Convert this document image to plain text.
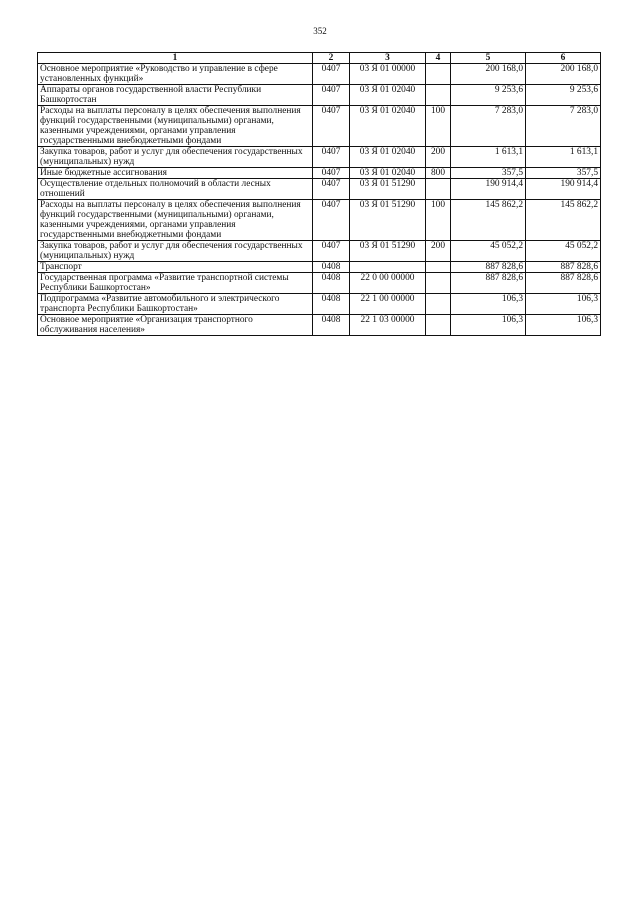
352
1	2	3	4	5	6
Основное мероприятие «Руководство и управление в сфере установленных функций»	0407	03 Я 01 00000		200 168,0	200 168,0
Аппараты органов государственной власти Республики Башкортостан	0407	03 Я 01 02040		9 253,6	9 253,6
Расходы на выплаты персоналу в целях обеспечения выполнения функций государственными (муниципальными) органами, казенными учреждениями, органами управления государственными внебюджетными фондами	0407	03 Я 01 02040	100	7 283,0	7 283,0
Закупка товаров, работ и услуг для обеспечения государственных (муниципальных) нужд	0407	03 Я 01 02040	200	1 613,1	1 613,1
Иные бюджетные ассигнования	0407	03 Я 01 02040	800	357,5	357,5
Осуществление отдельных полномочий в области лесных отношений	0407	03 Я 01 51290		190 914,4	190 914,4
Расходы на выплаты персоналу в целях обеспечения выполнения функций государственными (муниципальными) органами, казенными учреждениями, органами управления государственными внебюджетными фондами	0407	03 Я 01 51290	100	145 862,2	145 862,2
Закупка товаров, работ и услуг для обеспечения государственных (муниципальных) нужд	0407	03 Я 01 51290	200	45 052,2	45 052,2
Транспорт	0408			887 828,6	887 828,6
Государственная программа «Развитие транспортной системы Республики Башкортостан»	0408	22 0 00 00000		887 828,6	887 828,6
Подпрограмма «Развитие автомобильного и электрического транспорта Республики Башкортостан»	0408	22 1 00 00000		106,3	106,3
Основное мероприятие «Организация транспортного обслуживания населения»	0408	22 1 03 00000		106,3	106,3
